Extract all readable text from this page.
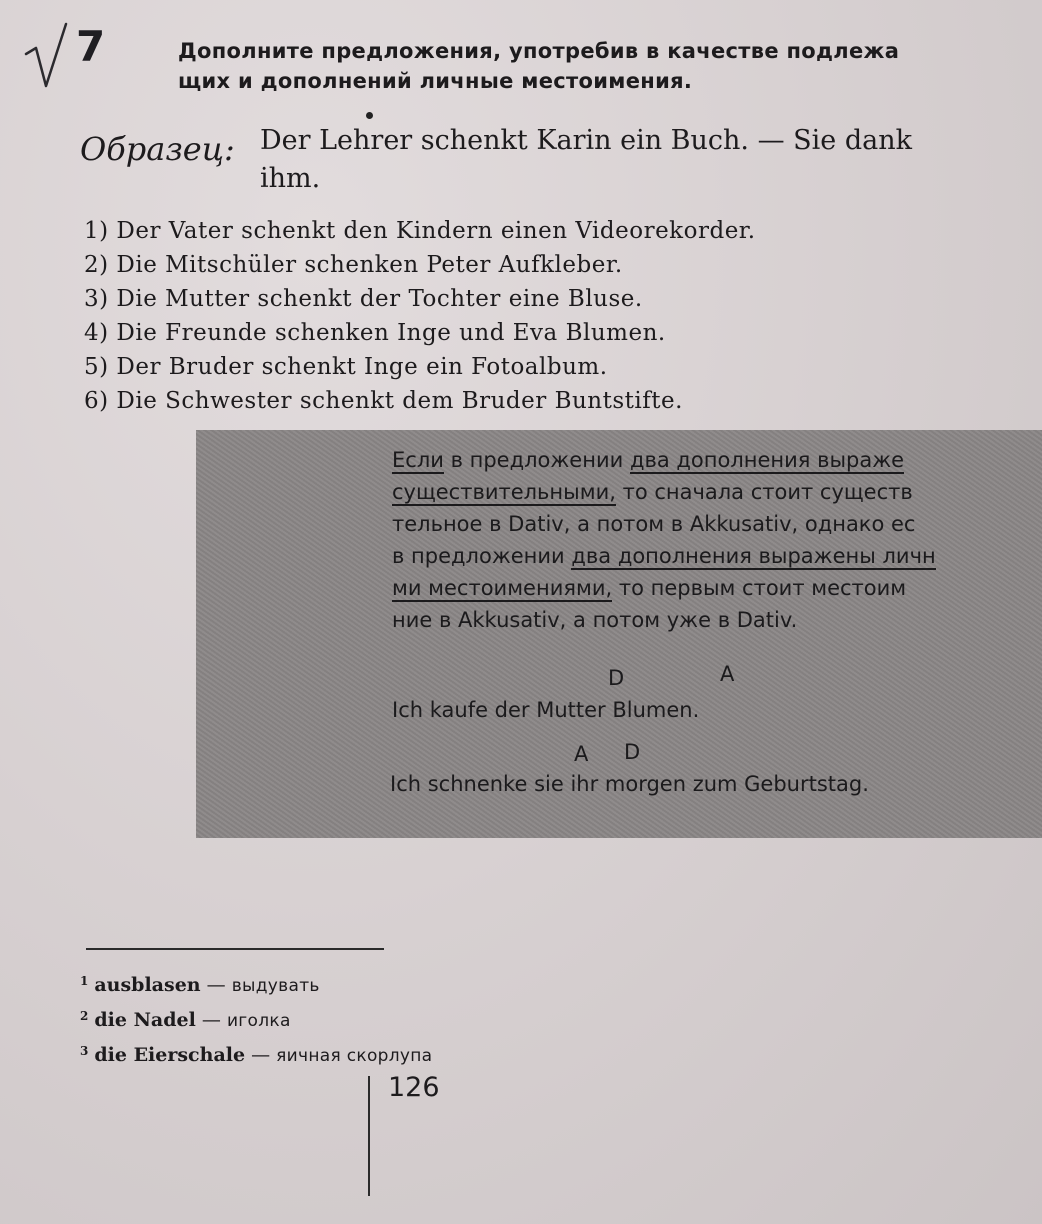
7	Дополните предложения, употребив в качестве подлежа
щих и дополнений личные местоимения.
Образец: Der Lehrer schenkt Karin ein Buch. — Sie dank
ihm.
1) Der Vater schenkt den Kindern einen Videorekorder.
2) Die Mitschüler schenken Peter Aufkleber.
3) Die Mutter schenkt der Tochter eine Bluse.
4) Die Freunde schenken Inge und Eva Blumen.
5) Der Bruder schenkt Inge ein Fotoalbum.
6) Die Schwester schenkt dem Bruder Buntstifte.
Если в предложении два дополнения выраже
существительными, то сначала стоит существ
тельное в Dativ, а потом в Akkusativ, однако ес
в предложении два дополнения выражены личн
ми местоимениями, то первым стоит местоим
ние в Akkusativ, а потом уже в Dativ.
D	A
Ich kaufe der Mutter Blumen.
A D
Ich schnenke sie ihr morgen zum Geburtstag.
$^1$ ausblasen — выдувать
$^2$ die Nadel — иголка
$^3$ die Eierschale — яичная скорлупа
126
